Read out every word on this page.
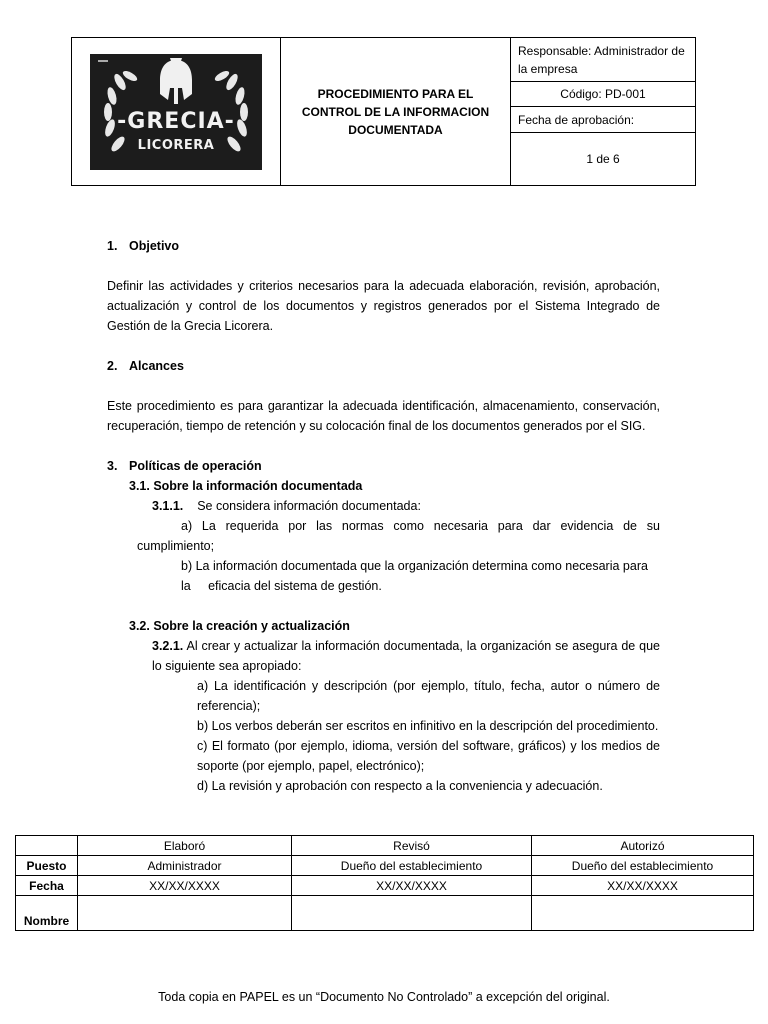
-GRECIA-
LICORERA
	PROCEDIMIENTO PARA EL CONTROL DE LA INFORMACION DOCUMENTADA	Responsable: Administrador de la empresa
Código: PD-001
Fecha de aprobación:
1 de 6

1. Objetivo

Definir las actividades y criterios necesarios para la adecuada elaboración, revisión, aprobación, actualización y control de los documentos y registros generados por el Sistema Integrado de Gestión de la Grecia Licorera.

2. Alcances

Este procedimiento es para garantizar la adecuada identificación, almacenamiento, conservación, recuperación, tiempo de retención y su colocación final de los documentos generados por el SIG.

3. Políticas de operación

3.1. Sobre la información documentada

3.1.1. Se considera información documentada:

a) La requerida por las normas como necesaria para dar evidencia de su cumplimiento;

b) La información documentada que la organización determina como necesaria para
la eficacia del sistema de gestión.

3.2. Sobre la creación y actualización

3.2.1. Al crear y actualizar la información documentada, la organización se asegura de que lo siguiente sea apropiado:

a) La identificación y descripción (por ejemplo, título, fecha, autor o número de referencia);

b) Los verbos deberán ser escritos en infinitivo en la descripción del procedimiento.

c) El formato (por ejemplo, idioma, versión del software, gráficos) y los medios de soporte (por ejemplo, papel, electrónico);

d) La revisión y aprobación con respecto a la conveniencia y adecuación.

	Elaboró	Revisó	Autorizó
Puesto	Administrador	Dueño del establecimiento	Dueño del establecimiento
Fecha	XX/XX/XXXX	XX/XX/XXXX	XX/XX/XXXX
Nombre			
Toda copia en PAPEL es un “Documento No Controlado” a excepción del original.
